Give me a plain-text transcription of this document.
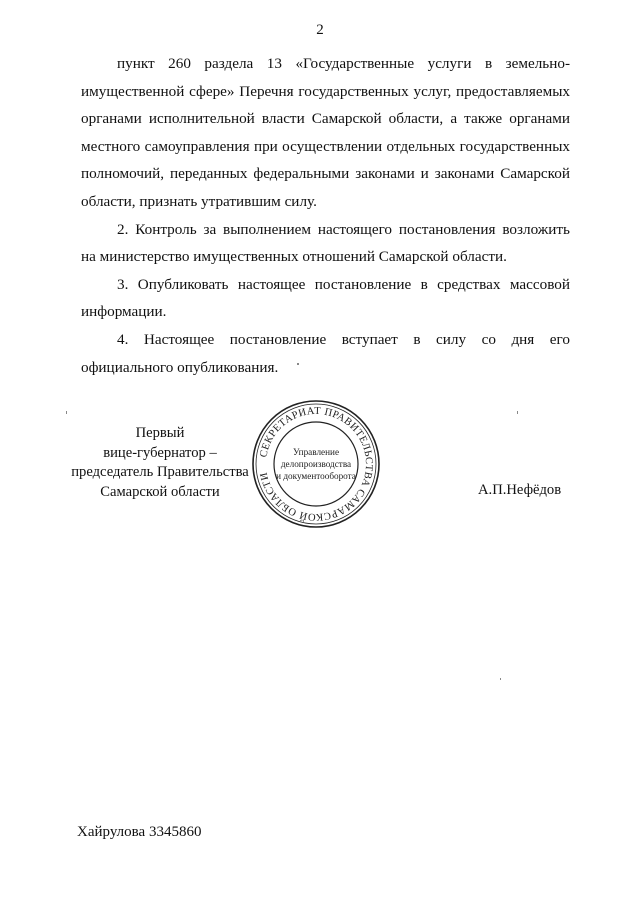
2

пункт 260 раздела 13 «Государственные услуги в земельно-имущественной сфере» Перечня государственных услуг, предоставляемых органами исполнительной власти Самарской области, а также органами местного самоуправления при осуществлении отдельных государственных полномочий, переданных федеральными законами и законами Самарской области, признать утратившим силу.

2. Контроль за выполнением настоящего постановления возложить на министерство имущественных отношений Самарской области.

3. Опубликовать настоящее постановление в средствах массовой информации.

4. Настоящее постановление вступает в силу со дня его официального опубликования.

Первый
вице-губернатор –
председатель Правительства
Самарской области
СЕКРЕТАРИАТ ПРАВИТЕЛЬСТВА САМАРСКОЙ ОБЛАСТИ
Управление
делопроизводства
и документооборота
А.П.Нефёдов
Хайрулова 3345860
